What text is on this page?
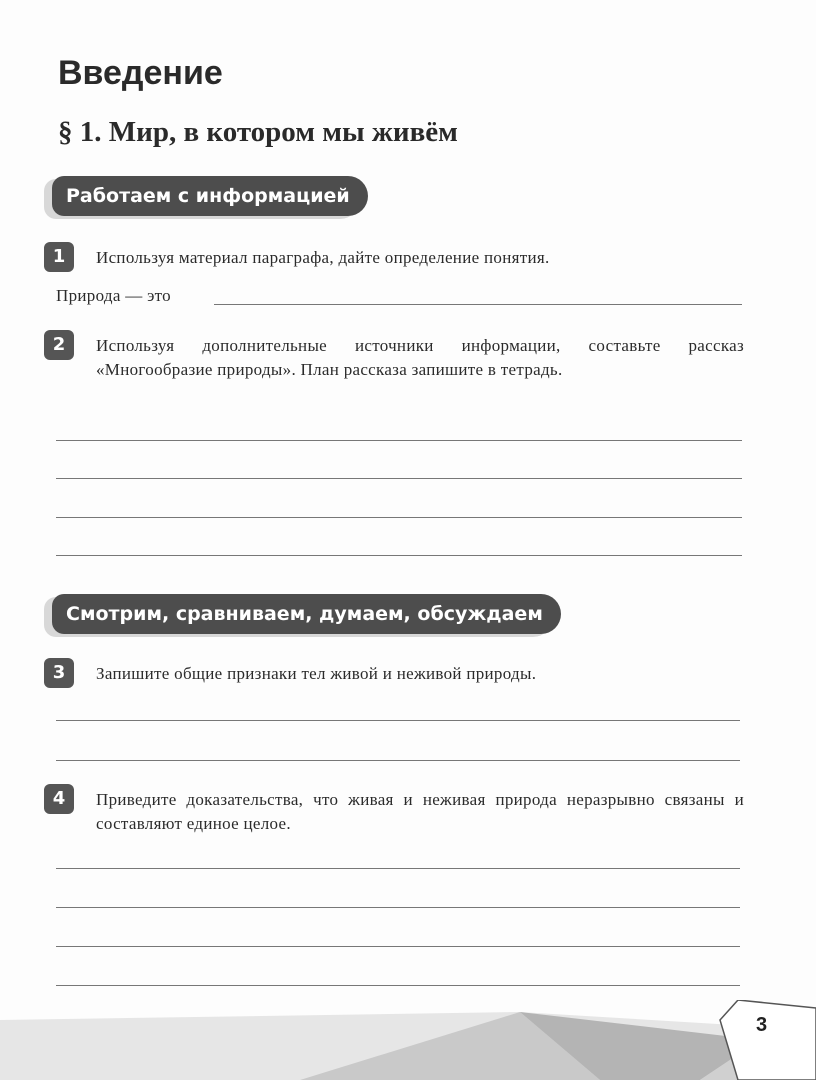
Введение
§ 1. Мир, в котором мы живём
Работаем с информацией
1	Используя материал параграфа, дайте определение понятия.
Природа — это
2	Используя дополнительные источники информации, составьте рассказ «Многообразие природы». План рассказа запишите в тетрадь.
Смотрим, сравниваем, думаем, обсуждаем
3	Запишите общие признаки тел живой и неживой природы.
4	Приведите доказательства, что живая и неживая природа неразрывно связаны и составляют единое целое.
3
